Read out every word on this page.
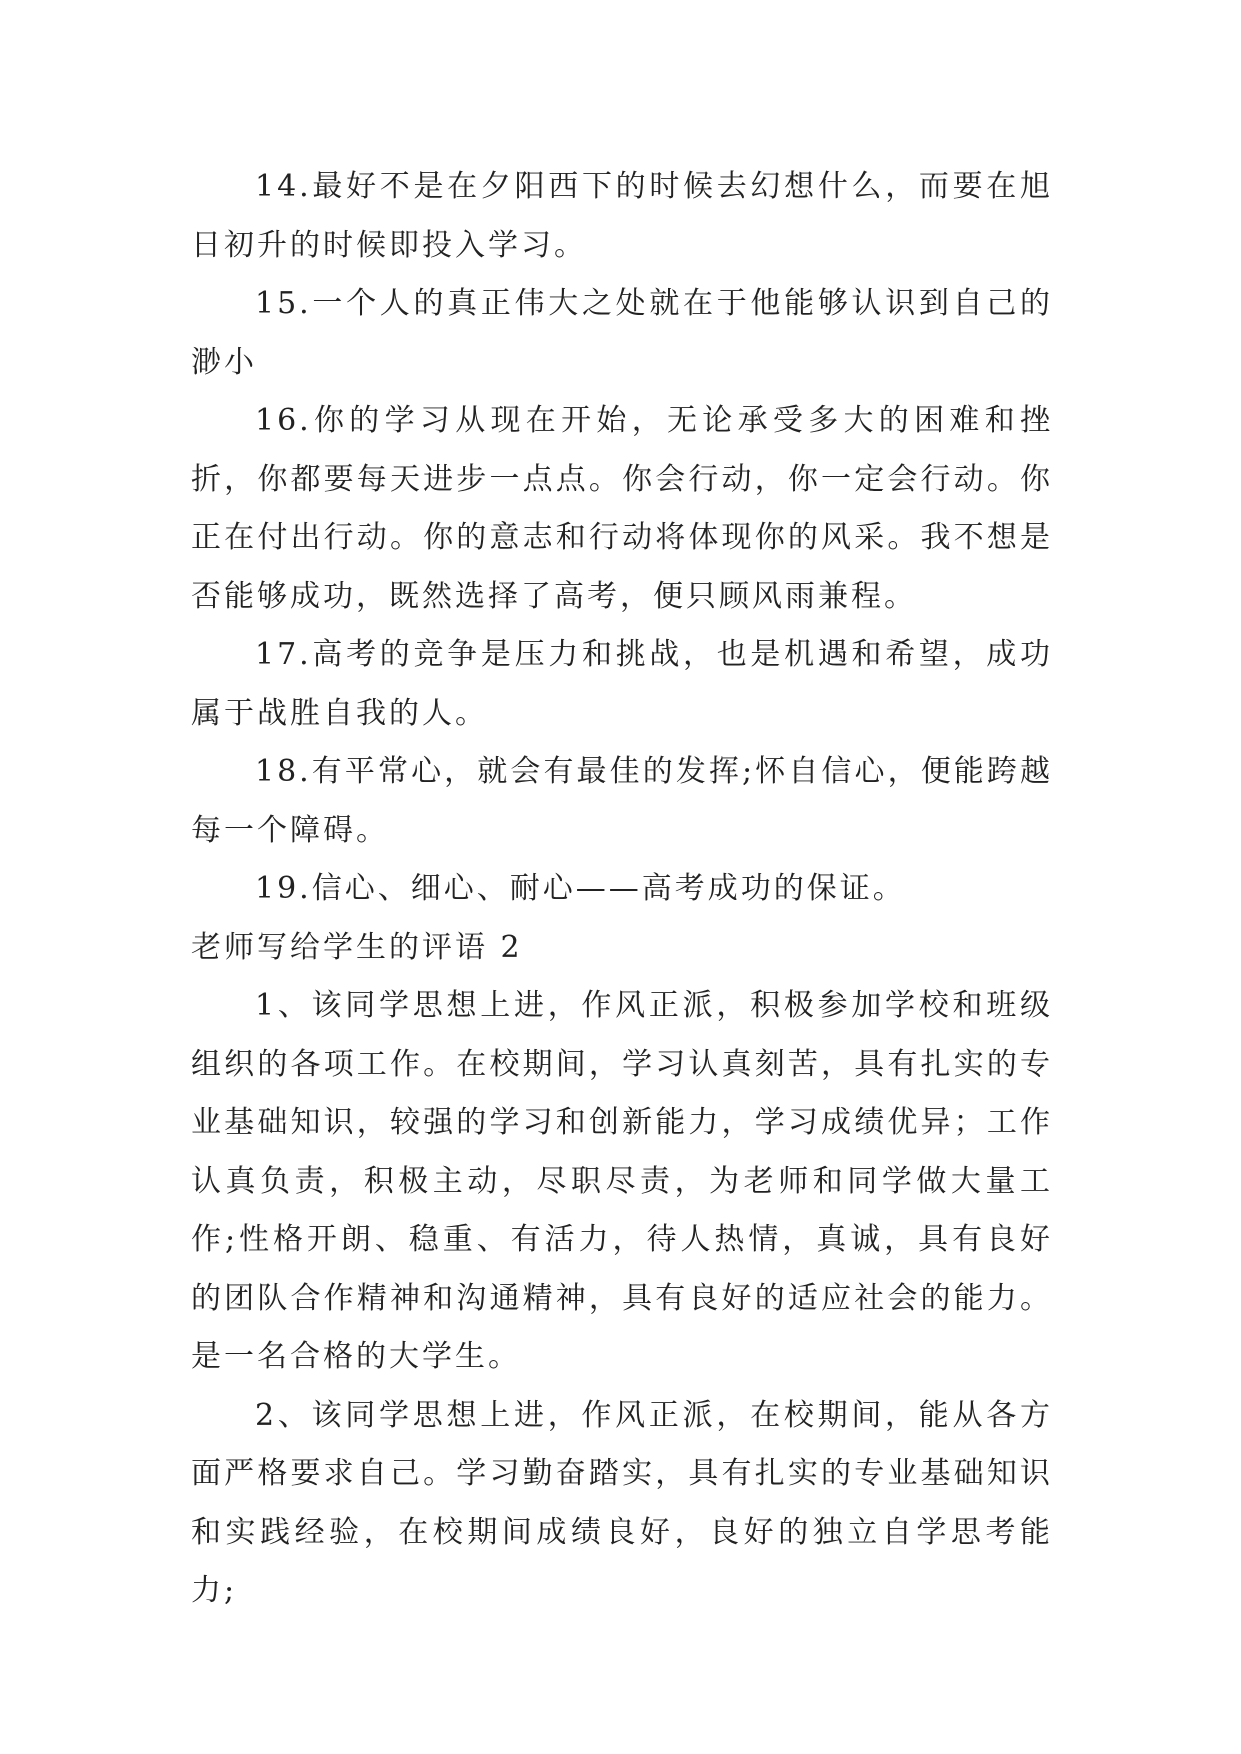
14.最好不是在夕阳西下的时候去幻想什么，而要在旭日初升的时候即投入学习。

15.一个人的真正伟大之处就在于他能够认识到自己的渺小

16.你的学习从现在开始，无论承受多大的困难和挫折，你都要每天进步一点点。你会行动，你一定会行动。你正在付出行动。你的意志和行动将体现你的风采。我不想是否能够成功，既然选择了高考，便只顾风雨兼程。

17.高考的竞争是压力和挑战，也是机遇和希望，成功属于战胜自我的人。

18.有平常心，就会有最佳的发挥;怀自信心，便能跨越每一个障碍。

19.信心、细心、耐心——高考成功的保证。

老师写给学生的评语 2

1、该同学思想上进，作风正派，积极参加学校和班级组织的各项工作。在校期间，学习认真刻苦，具有扎实的专业基础知识，较强的学习和创新能力，学习成绩优异；工作认真负责，积极主动，尽职尽责，为老师和同学做大量工作;性格开朗、稳重、有活力，待人热情，真诚，具有良好的团队合作精神和沟通精神，具有良好的适应社会的能力。是一名合格的大学生。

2、该同学思想上进，作风正派，在校期间，能从各方面严格要求自己。学习勤奋踏实，具有扎实的专业基础知识和实践经验，在校期间成绩良好，良好的独立自学思考能力;
